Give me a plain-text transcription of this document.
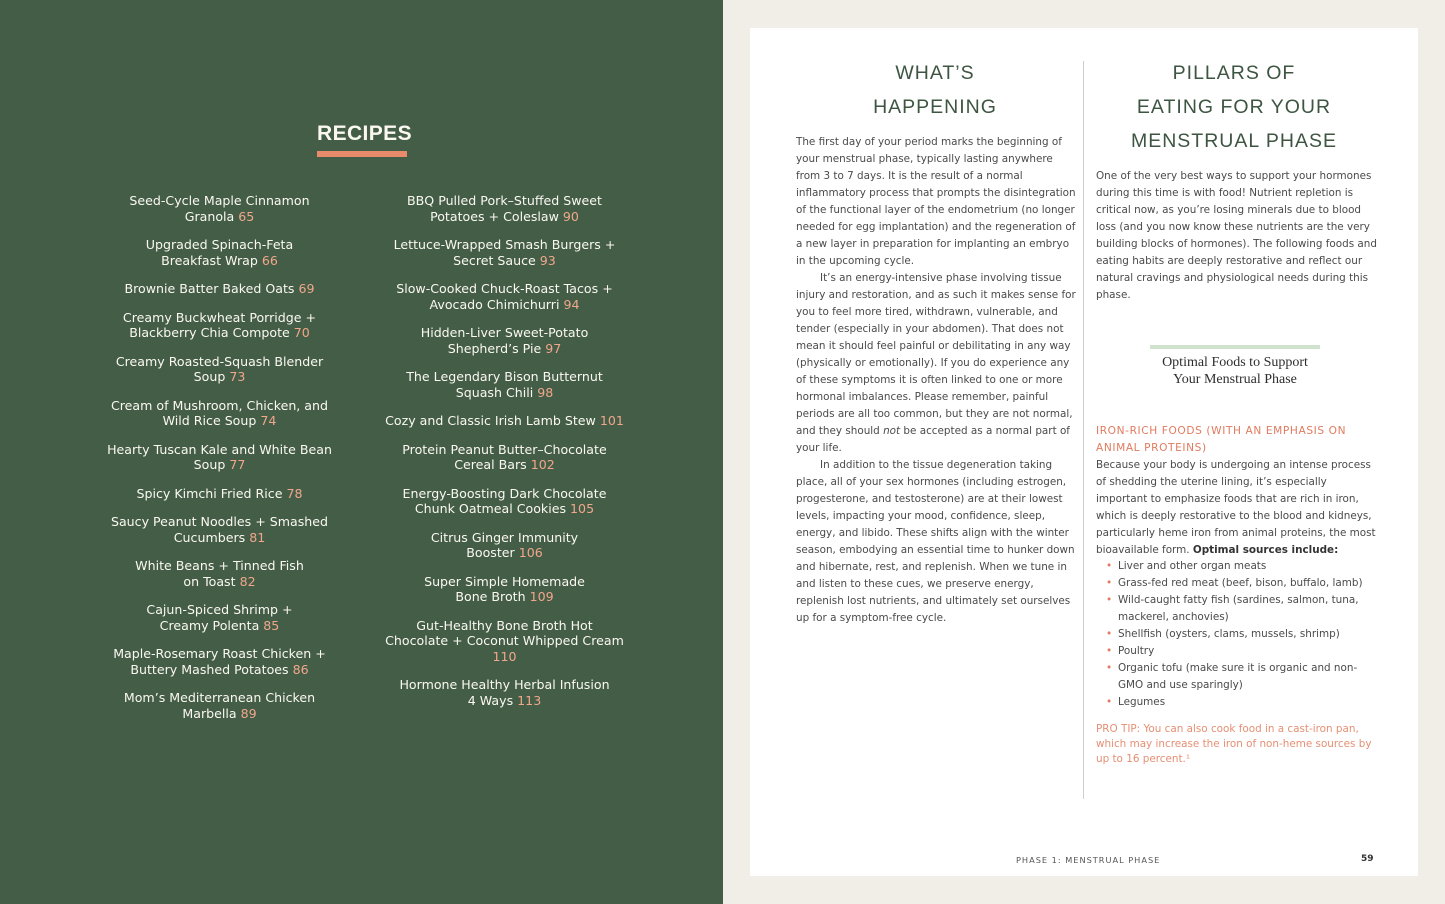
RECIPES
Seed-Cycle Maple Cinnamon
Granola 65
Upgraded Spinach-Feta
Breakfast Wrap 66
Brownie Batter Baked Oats 69
Creamy Buckwheat Porridge +
Blackberry Chia Compote 70
Creamy Roasted-Squash Blender
Soup 73
Cream of Mushroom, Chicken, and
Wild Rice Soup 74
Hearty Tuscan Kale and White Bean
Soup 77
Spicy Kimchi Fried Rice 78
Saucy Peanut Noodles + Smashed
Cucumbers 81
White Beans + Tinned Fish
on Toast 82
Cajun-Spiced Shrimp +
Creamy Polenta 85
Maple-Rosemary Roast Chicken +
Buttery Mashed Potatoes 86
Mom’s Mediterranean Chicken
Marbella 89
BBQ Pulled Pork–Stuffed Sweet
Potatoes + Coleslaw 90
Lettuce-Wrapped Smash Burgers +
Secret Sauce 93
Slow-Cooked Chuck-Roast Tacos +
Avocado Chimichurri 94
Hidden-Liver Sweet-Potato
Shepherd’s Pie 97
The Legendary Bison Butternut
Squash Chili 98
Cozy and Classic Irish Lamb Stew 101
Protein Peanut Butter–Chocolate
Cereal Bars 102
Energy-Boosting Dark Chocolate
Chunk Oatmeal Cookies 105
Citrus Ginger Immunity
Booster 106
Super Simple Homemade
Bone Broth 109
Gut-Healthy Bone Broth Hot
Chocolate + Coconut Whipped Cream
110
Hormone Healthy Herbal Infusion
4 Ways 113
WHAT’S
HAPPENING
PILLARS OF
EATING FOR YOUR
MENSTRUAL PHASE

The first day of your period marks the beginning of your menstrual phase, typically lasting anywhere from 3 to 7 days. It is the result of a normal inflammatory process that prompts the disintegration of the functional layer of the endometrium (no longer needed for egg implantation) and the regeneration of a new layer in preparation for implanting an embryo in the upcoming cycle.

It’s an energy-intensive phase involving tissue injury and restoration, and as such it makes sense for you to feel more tired, withdrawn, vulnerable, and tender (especially in your abdomen). That does not mean it should feel painful or debilitating in any way (physically or emotionally). If you do experience any of these symptoms it is often linked to one or more hormonal imbalances. Please remember, painful periods are all too common, but they are not normal, and they should not be accepted as a normal part of your life.

In addition to the tissue degeneration taking place, all of your sex hormones (including estrogen, progesterone, and testosterone) are at their lowest levels, impacting your mood, confidence, sleep, energy, and libido. These shifts align with the winter season, embodying an essential time to hunker down and hibernate, rest, and replenish. When we tune in and listen to these cues, we preserve energy, replenish lost nutrients, and ultimately set ourselves up for a symptom-free cycle.

One of the very best ways to support your hormones during this time is with food! Nutrient repletion is critical now, as you’re losing minerals due to blood loss (and you now know these nutrients are the very building blocks of hormones). The following foods and eating habits are deeply restorative and reflect our natural cravings and physiological needs during this phase.
Optimal Foods to Support
Your Menstrual Phase
IRON-RICH FOODS (WITH AN EMPHASIS ON ANIMAL PROTEINS)
Because your body is undergoing an intense process of shedding the uterine lining, it’s especially important to emphasize foods that are rich in iron, which is deeply restorative to the blood and kidneys, particularly heme iron from animal proteins, the most bioavailable form. Optimal sources include:
• Liver and other organ meats
• Grass-fed red meat (beef, bison, buffalo, lamb)
• Wild-caught fatty fish (sardines, salmon, tuna, mackerel, anchovies)
• Shellfish (oysters, clams, mussels, shrimp)
• Poultry
• Organic tofu (make sure it is organic and non-GMO and use sparingly)
• Legumes
PRO TIP: You can also cook food in a cast-iron pan, which may increase the iron of non-heme sources by up to 16 percent.¹
PHASE 1: MENSTRUAL PHASE	59
